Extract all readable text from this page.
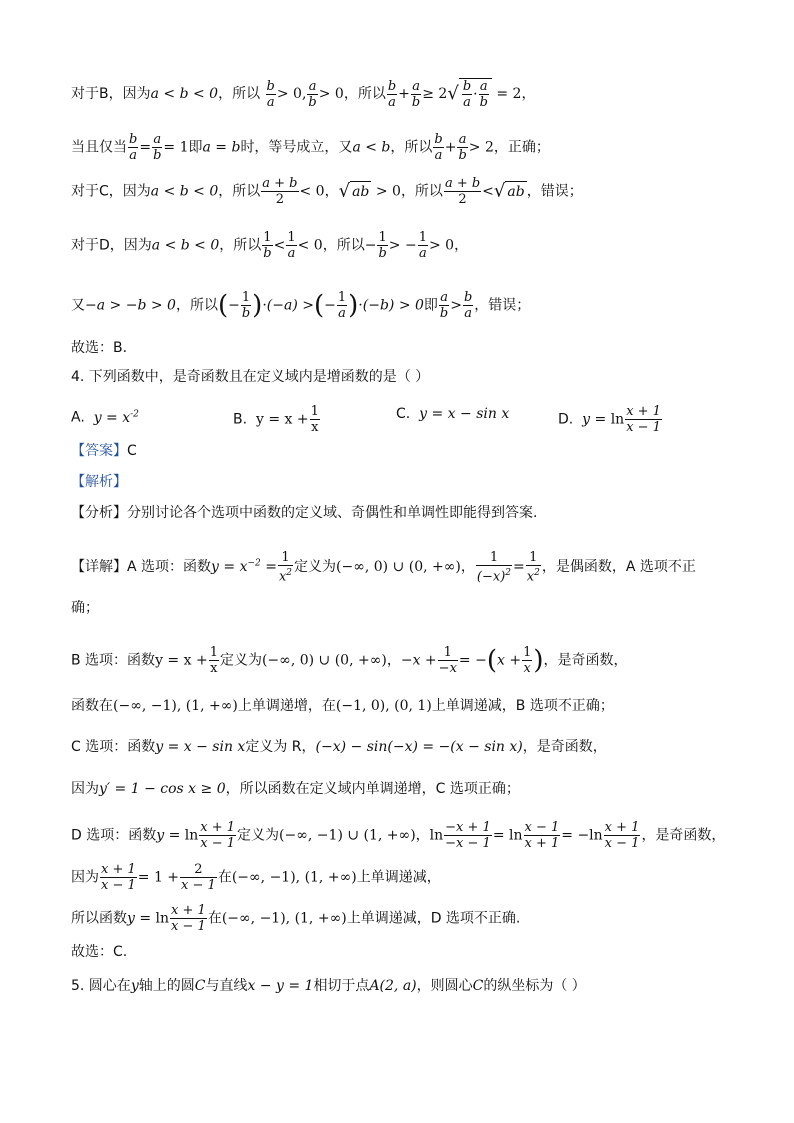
对于B，因为a < b < 0，所以 $\frac{b}{a} > 0$, $\frac{a}{b} > 0$，所以 $\frac{b}{a} + \frac{a}{b} \ge 2√ \frac{b}{a} \cdot \frac{a}{b} = 2$，
当且仅当 $\frac{b}{a} = \frac{a}{b} = 1$即a = b时，等号成立，又a < b，所以 $\frac{b}{a} + \frac{a}{b} > 2$，正确；
对于C，因为a < b < 0，所以 $\frac{a + b}{2} < 0$，√ ab > 0，所以 $\frac{a + b}{2}$ <√ ab ，错误；
对于D，因为a < b < 0，所以 $\frac{1}{b} < \frac{1}{a} < 0$，所以− $\frac{1}{b}$ > − $\frac{1}{a} > 0$，
又−a > −b > 0，所以(− $\frac{1}{b} )\cdot(-a)$ >(− $\frac{1}{a} )\cdot(-b) > 0$即 $\frac{a}{b} > \frac{b}{a}$ ，错误；
故选：B.
4. 下列函数中，是奇函数且在定义域内是增函数的是（ ）
A. $y = x^{-2}$	B. $y = x + \frac{1}{x}$	C. y = x − sin x	D. $y = \ln \frac{x + 1}{x - 1}$
【答案】C
【解析】
【分析】分别讨论各个选项中函数的定义域、奇偶性和单调性即能得到答案.
【详解】A 选项：函数$y = x^{-2} = \frac{1}{x^2}$ 定义为(−∞, 0) ∪ (0, +∞)， $\frac{1}{(-x)^2} = \frac{1}{x^2}$ ，是偶函数，A 选项不正
确；
B 选项：函数$y = x + \frac{1}{x}$ 定义为(−∞, 0) ∪ (0, +∞)，$-x + \frac{1}{-x} = -(x + \frac{1}{x}$ )，是奇函数，
函数在(−∞, −1), (1, +∞)上单调递增，在(−1, 0), (0, 1)上单调递减，B 选项不正确；
C 选项：函数y = x − sin x定义为 R，(−x) − sin(−x) = −(x − sin x)，是奇函数，
因为y′ = 1 − cos x ≥ 0，所以函数在定义域内单调递增，C 选项正确；
D 选项：函数$y = \ln \frac{x + 1}{x - 1}$ 定义为(−∞, −1) ∪ (1, +∞)，$\ln \frac{-x + 1}{-x - 1} = \ln \frac{x - 1}{x + 1} = -\ln \frac{x + 1}{x - 1}$ ，是奇函数，
因为 $\frac{x + 1}{x - 1} = 1 + \frac{2}{x - 1}$ 在(−∞, −1), (1, +∞)上单调递减，
所以函数$y = \ln \frac{x + 1}{x - 1}$ 在(−∞, −1), (1, +∞)上单调递减，D 选项不正确.
故选：C.
5. 圆心在y轴上的圆C与直线x − y = 1相切于点A(2, a)，则圆心C的纵坐标为（ ）
